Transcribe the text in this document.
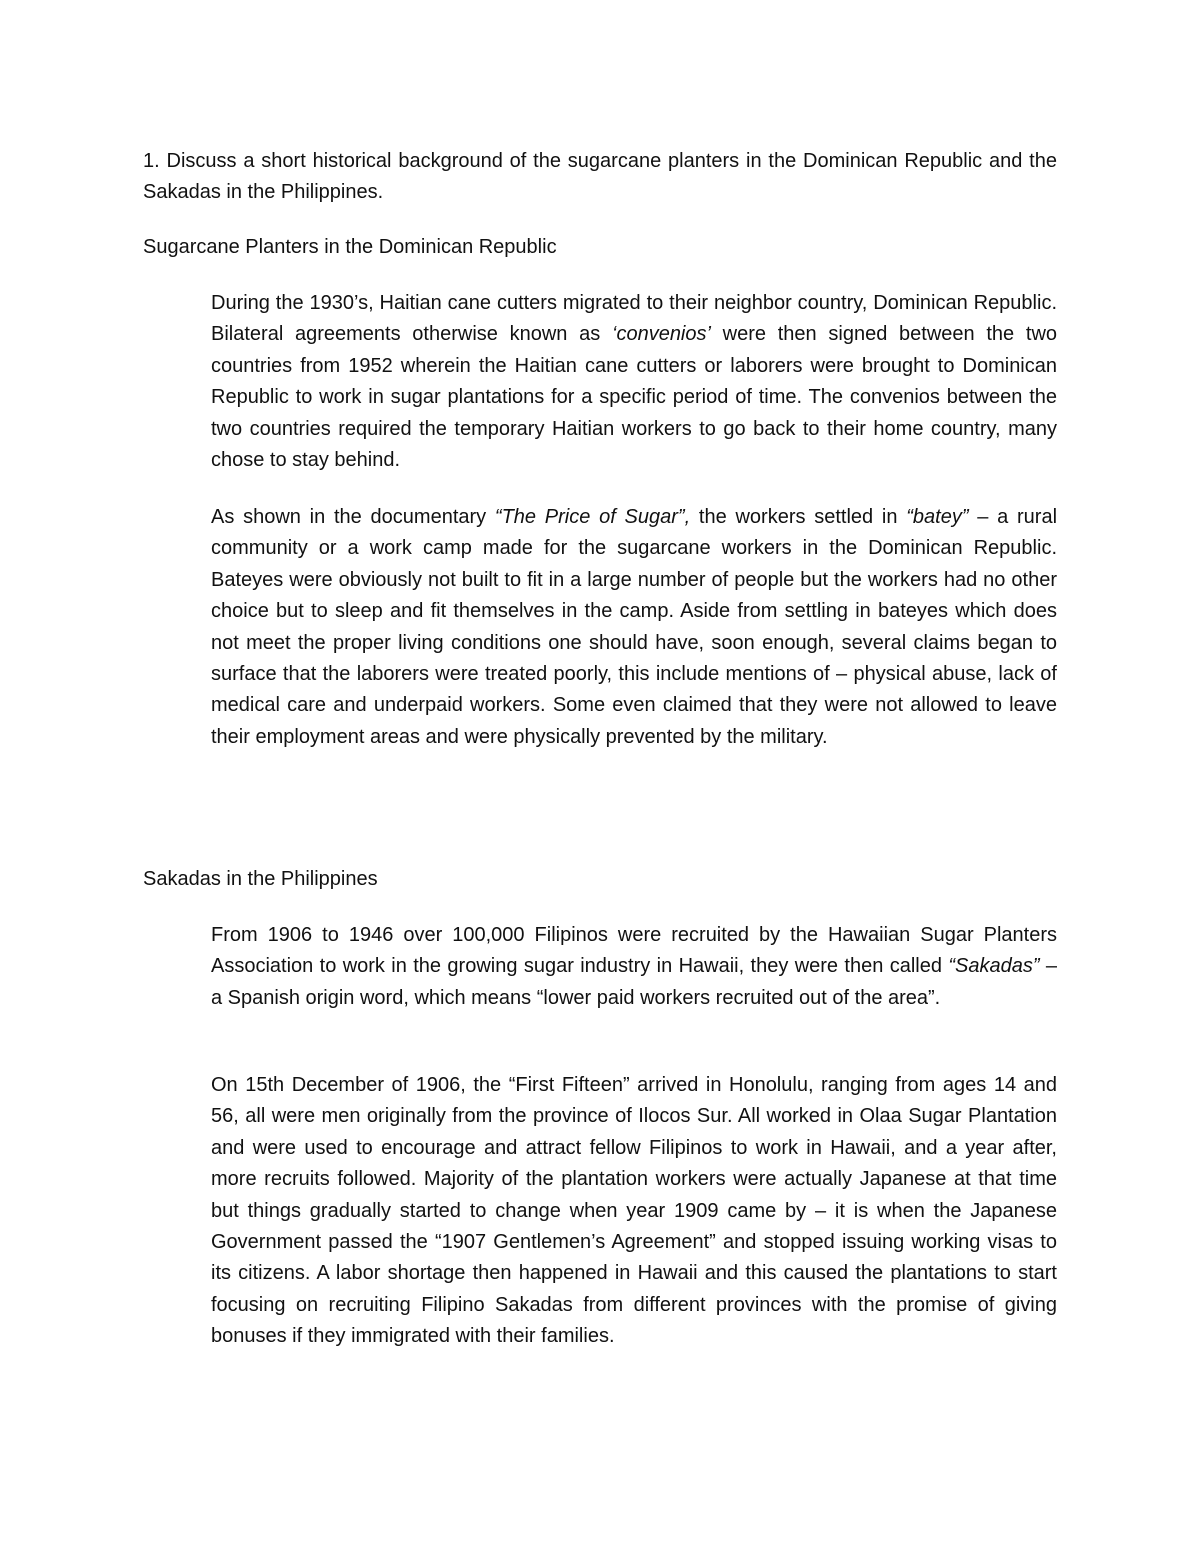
1. Discuss a short historical background of the sugarcane planters in the Dominican Republic and the Sakadas in the Philippines.

Sugarcane Planters in the Dominican Republic

During the 1930’s, Haitian cane cutters migrated to their neighbor country, Dominican Republic. Bilateral agreements otherwise known as ‘convenios’ were then signed between the two countries from 1952 wherein the Haitian cane cutters or laborers were brought to Dominican Republic to work in sugar plantations for a specific period of time. The convenios between the two countries required the temporary Haitian workers to go back to their home country, many chose to stay behind.

As shown in the documentary “The Price of Sugar”, the workers settled in “batey” – a rural community or a work camp made for the sugarcane workers in the Dominican Republic. Bateyes were obviously not built to fit in a large number of people but the workers had no other choice but to sleep and fit themselves in the camp. Aside from settling in bateyes which does not meet the proper living conditions one should have, soon enough, several claims began to surface that the laborers were treated poorly, this include mentions of – physical abuse, lack of medical care and underpaid workers. Some even claimed that they were not allowed to leave their employment areas and were physically prevented by the military.

Sakadas in the Philippines

From 1906 to 1946 over 100,000 Filipinos were recruited by the Hawaiian Sugar Planters Association to work in the growing sugar industry in Hawaii, they were then called “Sakadas” – a Spanish origin word, which means “lower paid workers recruited out of the area”.

On 15th December of 1906, the “First Fifteen” arrived in Honolulu, ranging from ages 14 and 56, all were men originally from the province of Ilocos Sur. All worked in Olaa Sugar Plantation and were used to encourage and attract fellow Filipinos to work in Hawaii, and a year after, more recruits followed. Majority of the plantation workers were actually Japanese at that time but things gradually started to change when year 1909 came by – it is when the Japanese Government passed the “1907 Gentlemen’s Agreement” and stopped issuing working visas to its citizens. A labor shortage then happened in Hawaii and this caused the plantations to start focusing on recruiting Filipino Sakadas from different provinces with the promise of giving bonuses if they immigrated with their families.
